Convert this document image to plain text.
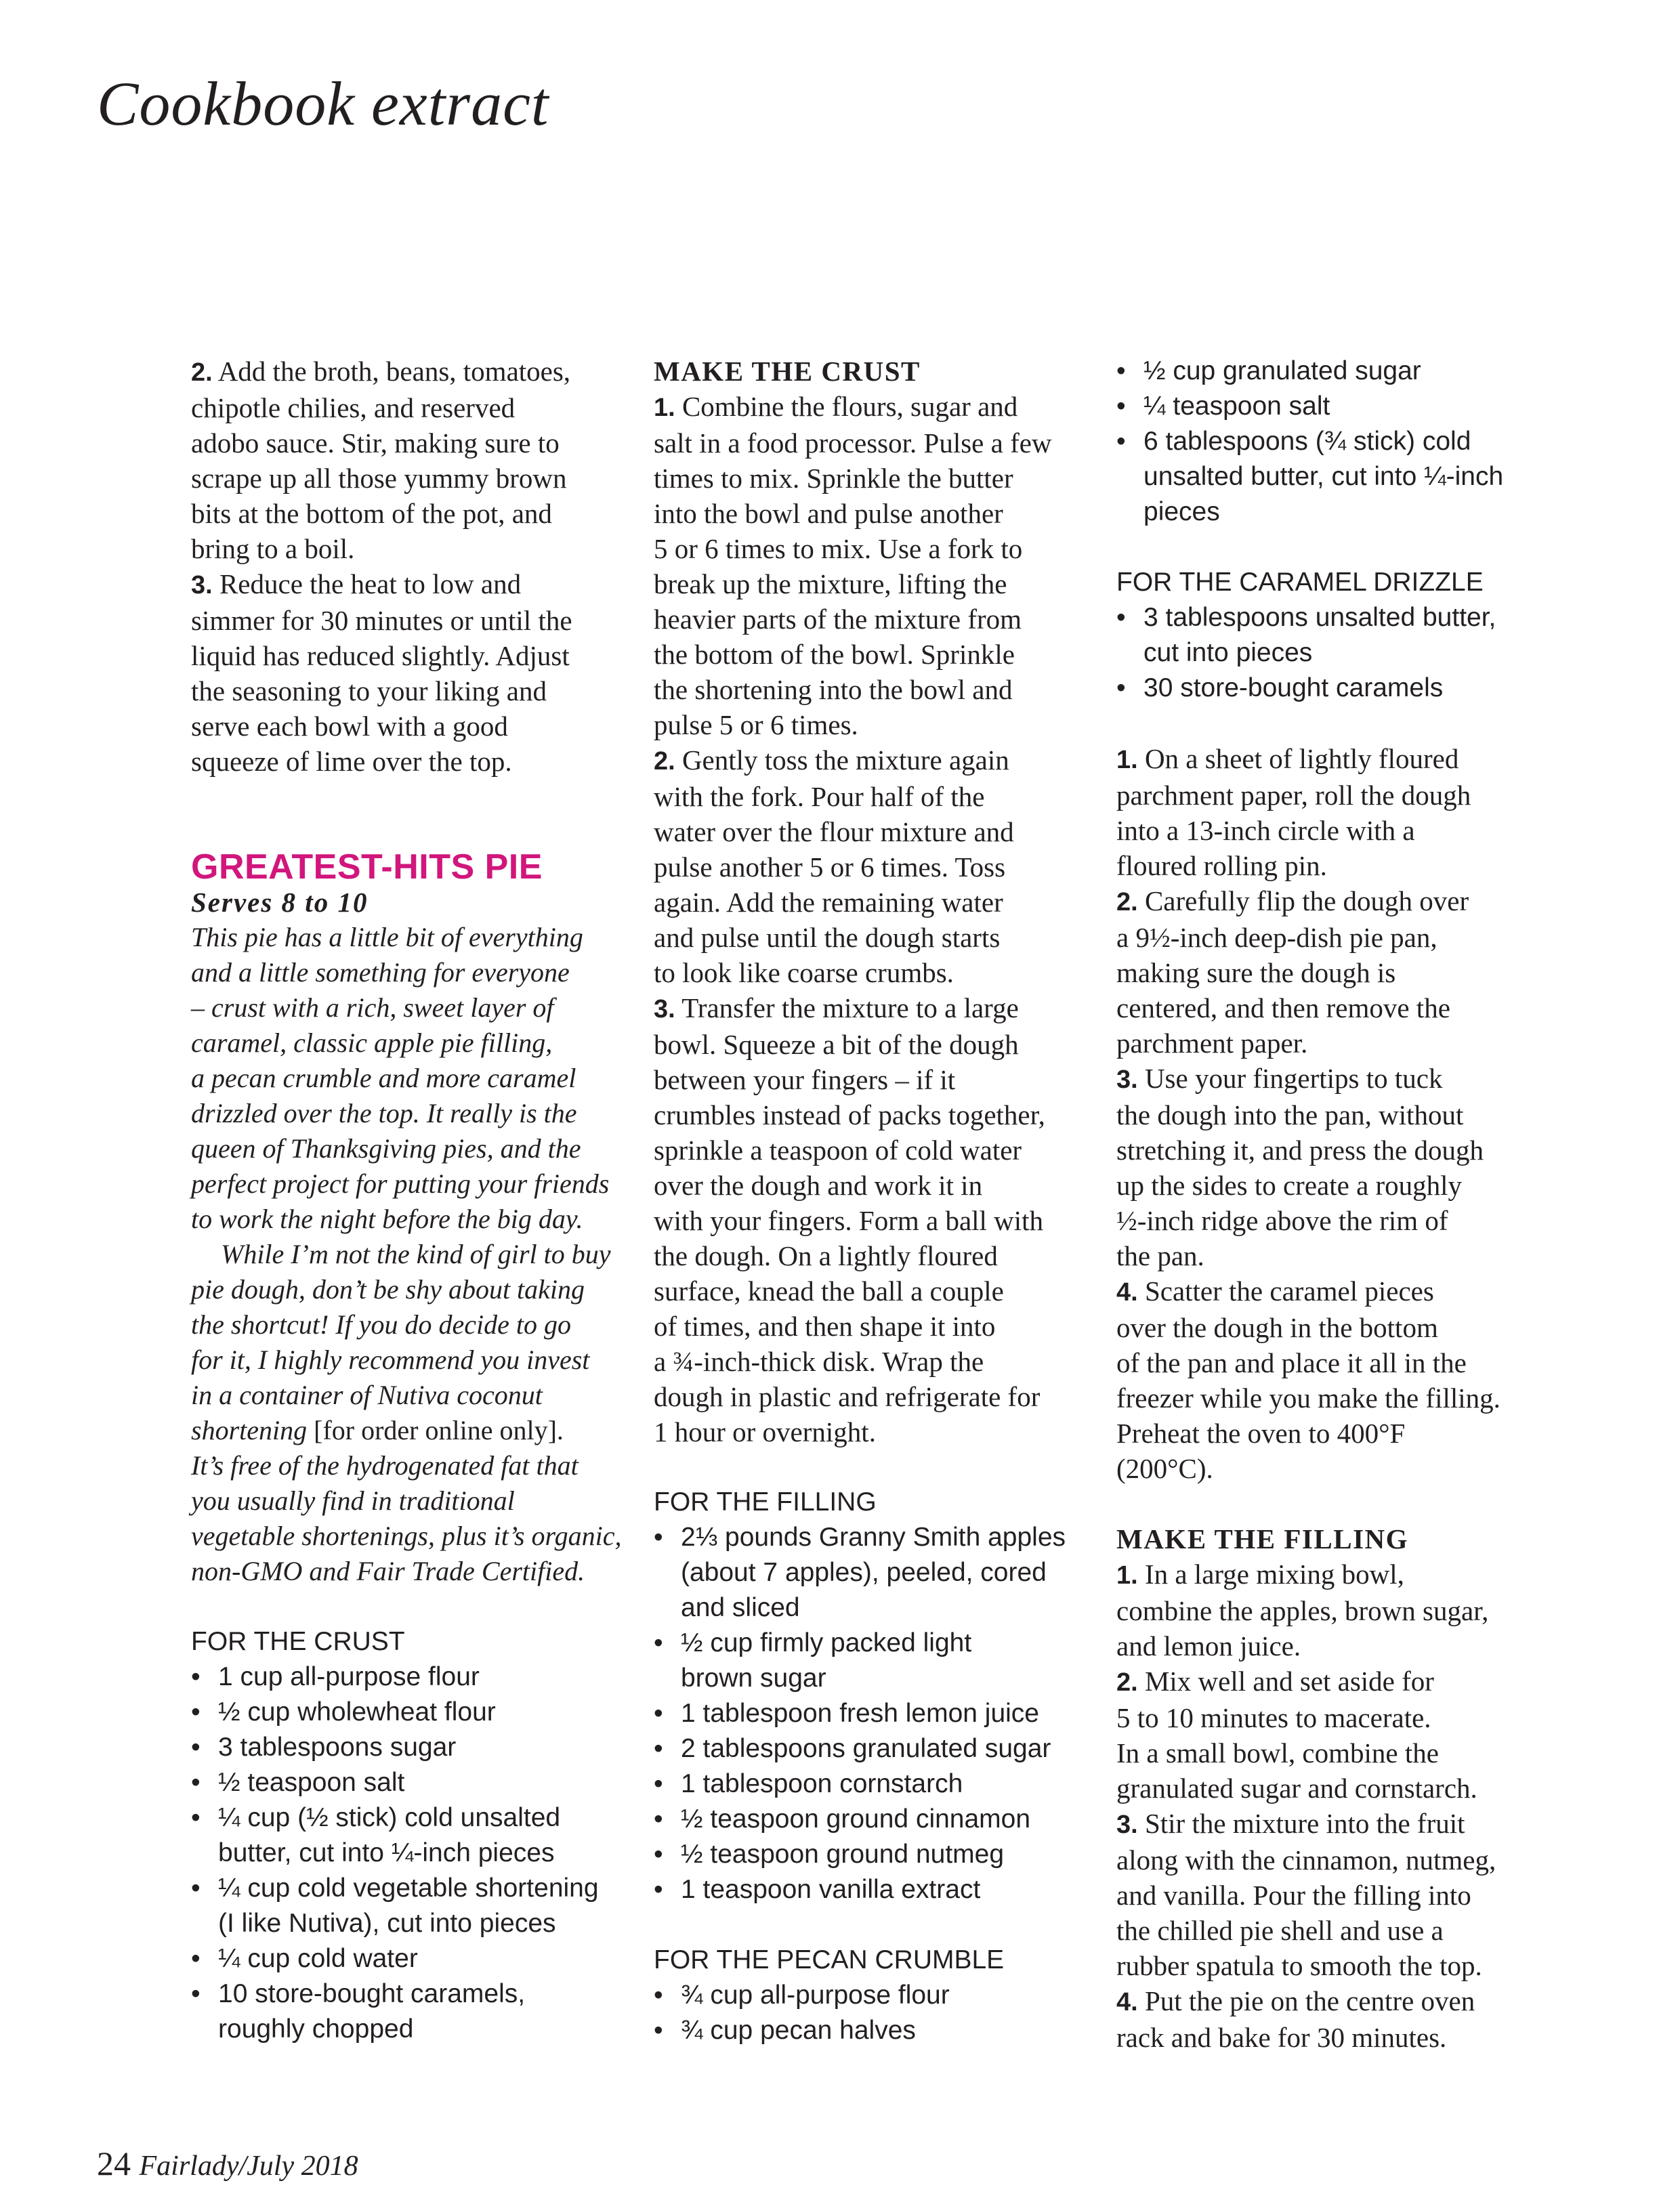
Cookbook extract

2. Add the broth, beans, tomatoes,
chipotle chilies, and reserved
adobo sauce. Stir, making sure to
scrape up all those yummy brown
bits at the bottom of the pot, and
bring to a boil.

3. Reduce the heat to low and
simmer for 30 minutes or until the
liquid has reduced slightly. Adjust
the seasoning to your liking and
serve each bowl with a good
squeeze of lime over the top.

GREATEST-HITS PIE

Serves 8 to 10

This pie has a little bit of everything
and a little something for everyone
– crust with a rich, sweet layer of
caramel, classic apple pie filling,
a pecan crumble and more caramel
drizzled over the top. It really is the
queen of Thanksgiving pies, and the
perfect project for putting your friends
to work the night before the big day.

While I’m not the kind of girl to buy
pie dough, don’t be shy about taking
the shortcut! If you do decide to go
for it, I highly recommend you invest
in a container of Nutiva coconut
shortening [for order online only].
It’s free of the hydrogenated fat that
you usually find in traditional
vegetable shortenings, plus it’s organic,
non-GMO and Fair Trade Certified.

FOR THE CRUST

• 1 cup all-purpose flour
• ½ cup wholewheat flour
• 3 tablespoons sugar
• ½ teaspoon salt
• ¼ cup (½ stick) cold unsalted
butter, cut into ¼-inch pieces
• ¼ cup cold vegetable shortening
(I like Nutiva), cut into pieces
• ¼ cup cold water
• 10 store-bought caramels,
roughly chopped

MAKE THE CRUST

1. Combine the flours, sugar and
salt in a food processor. Pulse a few
times to mix. Sprinkle the butter
into the bowl and pulse another
5 or 6 times to mix. Use a fork to
break up the mixture, lifting the
heavier parts of the mixture from
the bottom of the bowl. Sprinkle
the shortening into the bowl and
pulse 5 or 6 times.

2. Gently toss the mixture again
with the fork. Pour half of the
water over the flour mixture and
pulse another 5 or 6 times. Toss
again. Add the remaining water
and pulse until the dough starts
to look like coarse crumbs.

3. Transfer the mixture to a large
bowl. Squeeze a bit of the dough
between your fingers – if it
crumbles instead of packs together,
sprinkle a teaspoon of cold water
over the dough and work it in
with your fingers. Form a ball with
the dough. On a lightly floured
surface, knead the ball a couple
of times, and then shape it into
a ¾-inch-thick disk. Wrap the
dough in plastic and refrigerate for
1 hour or overnight.

FOR THE FILLING

• 2⅓ pounds Granny Smith apples
(about 7 apples), peeled, cored
and sliced
• ½ cup firmly packed light
brown sugar
• 1 tablespoon fresh lemon juice
• 2 tablespoons granulated sugar
• 1 tablespoon cornstarch
• ½ teaspoon ground cinnamon
• ½ teaspoon ground nutmeg
• 1 teaspoon vanilla extract

FOR THE PECAN CRUMBLE

• ¾ cup all-purpose flour
• ¾ cup pecan halves
• ½ cup granulated sugar
• ¼ teaspoon salt
• 6 tablespoons (¾ stick) cold
unsalted butter, cut into ¼-inch
pieces

FOR THE CARAMEL DRIZZLE

• 3 tablespoons unsalted butter,
cut into pieces
• 30 store-bought caramels

1. On a sheet of lightly floured
parchment paper, roll the dough
into a 13-inch circle with a
floured rolling pin.

2. Carefully flip the dough over
a 9½-inch deep-dish pie pan,
making sure the dough is
centered, and then remove the
parchment paper.

3. Use your fingertips to tuck
the dough into the pan, without
stretching it, and press the dough
up the sides to create a roughly
½-inch ridge above the rim of
the pan.

4. Scatter the caramel pieces
over the dough in the bottom
of the pan and place it all in the
freezer while you make the filling.
Preheat the oven to 400°F
(200°C).

MAKE THE FILLING

1. In a large mixing bowl,
combine the apples, brown sugar,
and lemon juice.

2. Mix well and set aside for
5 to 10 minutes to macerate.
In a small bowl, combine the
granulated sugar and cornstarch.

3. Stir the mixture into the fruit
along with the cinnamon, nutmeg,
and vanilla. Pour the filling into
the chilled pie shell and use a
rubber spatula to smooth the top.

4. Put the pie on the centre oven
rack and bake for 30 minutes.

24 Fairlady/July 2018
